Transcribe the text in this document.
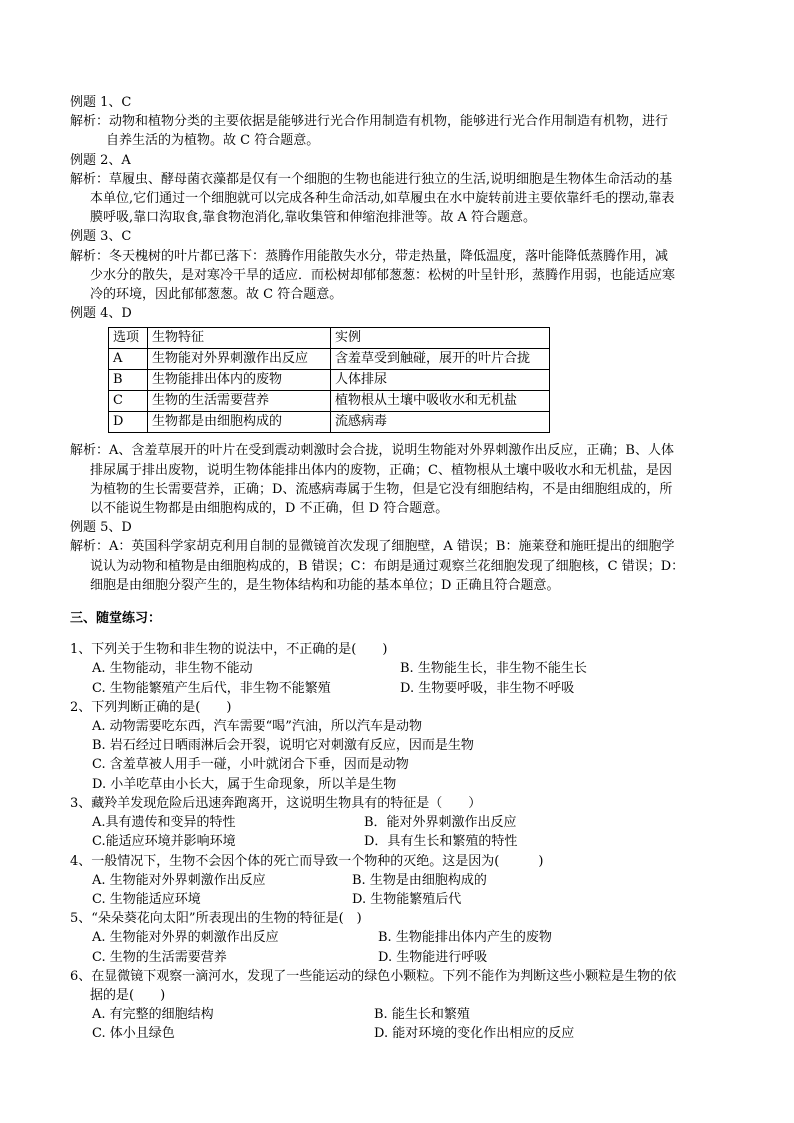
例题 1、C
解析：动物和植物分类的主要依据是能够进行光合作用制造有机物，能够进行光合作用制造有机物，进行
自养生活的为植物。故 C 符合题意。
例题 2、A
解析：草履虫、酵母菌衣藻都是仅有一个细胞的生物也能进行独立的生活,说明细胞是生物体生命活动的基
本单位,它们通过一个细胞就可以完成各种生命活动,如草履虫在水中旋转前进主要依靠纤毛的摆动,靠表
膜呼吸,靠口沟取食,靠食物泡消化,靠收集管和伸缩泡排泄等。故 A 符合题意。
例题 3、C
解析：冬天槐树的叶片都已落下：蒸腾作用能散失水分，带走热量，降低温度，落叶能降低蒸腾作用，减
少水分的散失，是对寒冷干旱的适应．而松树却郁郁葱葱：松树的叶呈针形，蒸腾作用弱，也能适应寒
冷的环境，因此郁郁葱葱。故 C 符合题意。
例题 4、D
选项	生物特征	实例
A	生物能对外界刺激作出反应	含羞草受到触碰，展开的叶片合拢
B	生物能排出体内的废物	人体排尿
C	生物的生活需要营养	植物根从土壤中吸收水和无机盐
D	生物都是由细胞构成的	流感病毒
解析：A、含羞草展开的叶片在受到震动刺激时会合拢，说明生物能对外界刺激作出反应，正确；B、人体
排尿属于排出废物，说明生物体能排出体内的废物，正确；C、植物根从土壤中吸收水和无机盐，是因
为植物的生长需要营养，正确；D、流感病毒属于生物，但是它没有细胞结构，不是由细胞组成的，所
以不能说生物都是由细胞构成的，D 不正确，但 D 符合题意。
例题 5、D
解析：A：英国科学家胡克利用自制的显微镜首次发现了细胞壁，A 错误；B：施莱登和施旺提出的细胞学
说认为动物和植物是由细胞构成的，B 错误；C：布朗是通过观察兰花细胞发现了细胞核，C 错误；D：
细胞是由细胞分裂产生的，是生物体结构和功能的基本单位；D 正确且符合题意。
三、随堂练习：
1、下列关于生物和非生物的说法中，不正确的是(　　)
A. 生物能动，非生物不能动	B. 生物能生长，非生物不能生长
C. 生物能繁殖产生后代，非生物不能繁殖	D. 生物要呼吸，非生物不呼吸
2、下列判断正确的是(　　)
A. 动物需要吃东西，汽车需要“喝”汽油，所以汽车是动物
B. 岩石经过日晒雨淋后会开裂，说明它对刺激有反应，因而是生物
C. 含羞草被人用手一碰，小叶就闭合下垂，因而是动物
D. 小羊吃草由小长大，属于生命现象，所以羊是生物
3、藏羚羊发现危险后迅速奔跑离开，这说明生物具有的特征是（　　）
A.具有遗传和变异的特性	B．能对外界刺激作出反应
C.能适应环境并影响环境	D．具有生长和繁殖的特性
4、一般情况下，生物不会因个体的死亡而导致一个物种的灭绝。这是因为(　　　)
A. 生物能对外界刺激作出反应	B. 生物是由细胞构成的
C. 生物能适应环境	D. 生物能繁殖后代
5、“朵朵葵花向太阳”所表现出的生物的特征是(　)
A. 生物能对外界的刺激作出反应	B. 生物能排出体内产生的废物
C. 生物的生活需要营养	D. 生物能进行呼吸
6、在显微镜下观察一滴河水，发现了一些能运动的绿色小颗粒。下列不能作为判断这些小颗粒是生物的依
据的是(　　)
A. 有完整的细胞结构	B. 能生长和繁殖
C. 体小且绿色	D. 能对环境的变化作出相应的反应
